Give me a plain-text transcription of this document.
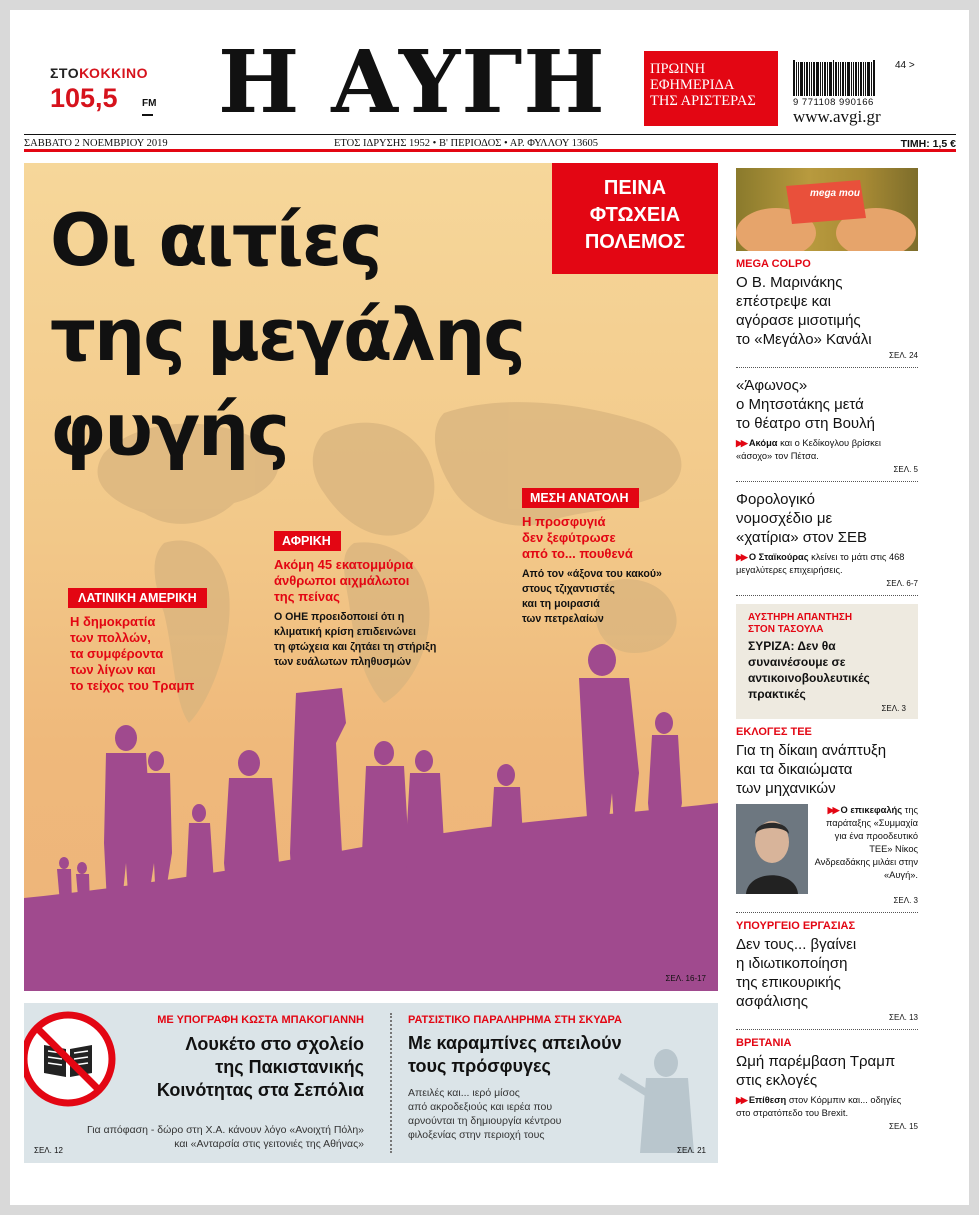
ΣΤΟΚΟΚΚΙΝΟ
105,5 FM Η ΑΥΓΗ	ΠΡΩΙΝΗ
ΕΦΗΜΕΡΙΔΑ
ΤΗΣ ΑΡΙΣΤΕΡΑΣ	9 771108 990166
44 >
www.avgi.gr
ΣΑΒΒΑΤΟ 2 ΝΟΕΜΒΡΙΟΥ 2019	ΕΤΟΣ ΙΔΡΥΣΗΣ 1952 • Β' ΠΕΡΙΟΔΟΣ • ΑΡ. ΦΥΛΛΟΥ 13605	ΤΙΜΗ: 1,5 €
ΠΕΙΝΑ
ΦΤΩΧΕΙΑ
ΠΟΛΕΜΟΣ
Οι αιτίες
της μεγάλης
φυγής
ΛΑΤΙΝΙΚΗ ΑΜΕΡΙΚΗ
Η δημοκρατία
των πολλών,
τα συμφέροντα
των λίγων και
το τείχος του Τραμπ
ΑΦΡΙΚΗ
Ακόμη 45 εκατομμύρια
άνθρωποι αιχμάλωτοι
της πείνας
Ο ΟΗΕ προειδοποιεί ότι η
κλιματική κρίση επιδεινώνει
τη φτώχεια και ζητάει τη στήριξη
των ευάλωτων πληθυσμών
ΜΕΣΗ ΑΝΑΤΟΛΗ
Η προσφυγιά
δεν ξεφύτρωσε
από το... πουθενά
Από τον «άξονα του κακού»
στους τζιχαντιστές
και τη μοιρασιά
των πετρελαίων
ΣΕΛ. 16-17
ΜΕ ΥΠΟΓΡΑΦΗ ΚΩΣΤΑ ΜΠΑΚΟΓΙΑΝΝΗ
Λουκέτο στο σχολείο
της Πακιστανικής
Κοινότητας στα Σεπόλια
Για απόφαση - δώρο στη Χ.Α. κάνουν λόγο «Ανοιχτή Πόλη»
και «Ανταρσία στις γειτονιές της Αθήνας»
ΣΕΛ. 12
ΡΑΤΣΙΣΤΙΚΟ ΠΑΡΑΛΗΡΗΜΑ ΣΤΗ ΣΚΥΔΡΑ
Με καραμπίνες απειλούν
τους πρόσφυγες
Απειλές και... ιερό μίσος
από ακροδεξιούς και ιερέα που
αρνούνται τη δημιουργία κέντρου
φιλοξενίας στην περιοχή τους
ΣΕΛ. 21
mega mou
MEGA COLPO
Ο Β. Μαρινάκης
επέστρεψε και
αγόρασε μισοτιμής
το «Μεγάλο» Κανάλι
ΣΕΛ. 24
«Άφωνος»
ο Μητσοτάκης μετά
το θέατρο στη Βουλή
▶▶ Ακόμα και ο Κεδίκογλου βρίσκει «άσοχο» τον Πέτσα.
ΣΕΛ. 5
Φορολογικό
νομοσχέδιο με
«χατίρια» στον ΣΕΒ
▶▶ Ο Σταϊκούρας κλείνει το μάτι στις 468 μεγαλύτερες επιχειρήσεις.
ΣΕΛ. 6-7
ΑΥΣΤΗΡΗ ΑΠΑΝΤΗΣΗ
ΣΤΟΝ ΤΑΣΟΥΛΑ
ΣΥΡΙΖΑ: Δεν θα
συναινέσουμε σε
αντικοινοβουλευτικές
πρακτικές
ΣΕΛ. 3
ΕΚΛΟΓΕΣ ΤΕΕ
Για τη δίκαιη ανάπτυξη
και τα δικαιώματα
των μηχανικών
▶▶ Ο επικεφαλής της παράταξης «Συμμαχία για ένα προοδευτικό ΤΕΕ» Νίκος Ανδρεαδάκης μιλάει στην «Αυγή».
ΣΕΛ. 3
ΥΠΟΥΡΓΕΙΟ ΕΡΓΑΣΙΑΣ
Δεν τους... βγαίνει
η ιδιωτικοποίηση
της επικουρικής
ασφάλισης
ΣΕΛ. 13
ΒΡΕΤΑΝΙΑ
Ωμή παρέμβαση Τραμπ
στις εκλογές
▶▶ Επίθεση στον Κόρμπιν και... οδηγίες στο στρατόπεδο του Brexit.
ΣΕΛ. 15
